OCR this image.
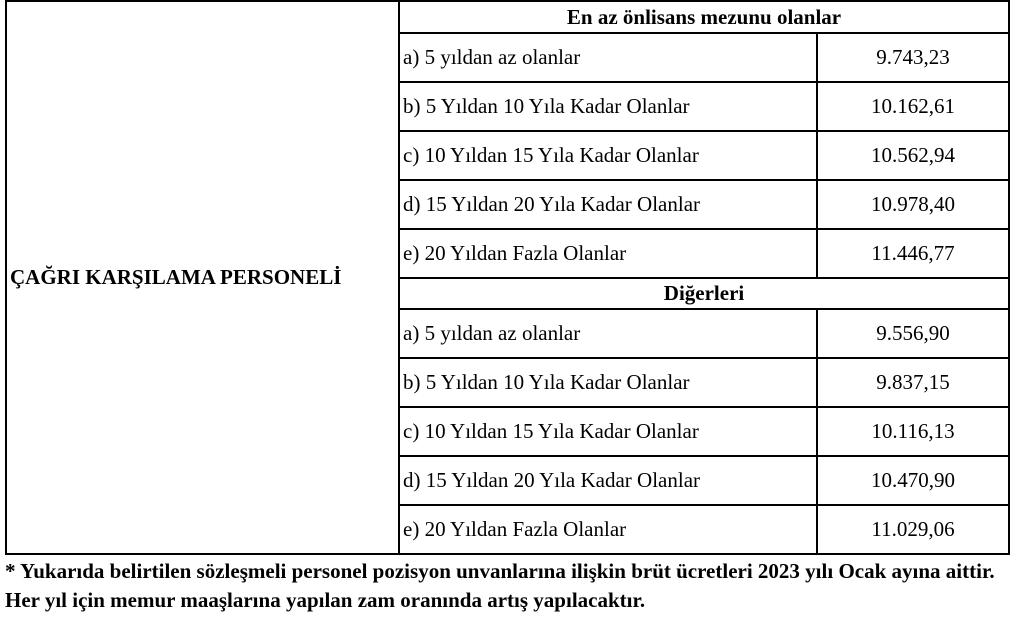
ÇAĞRI KARŞILAMA PERSONELİ	En az önlisans mezunu olanlar	
	a) 5 yıldan az olanlar	9.743,23
	b) 5 Yıldan 10 Yıla Kadar Olanlar	10.162,61
	c) 10 Yıldan 15 Yıla Kadar Olanlar	10.562,94
	d) 15 Yıldan 20 Yıla Kadar Olanlar	10.978,40
	e) 20 Yıldan Fazla Olanlar	11.446,77
	Diğerleri	
	a) 5 yıldan az olanlar	9.556,90
	b) 5 Yıldan 10 Yıla Kadar Olanlar	9.837,15
	c) 10 Yıldan 15 Yıla Kadar Olanlar	10.116,13
	d) 15 Yıldan 20 Yıla Kadar Olanlar	10.470,90
	e) 20 Yıldan Fazla Olanlar	11.029,06

* Yukarıda belirtilen sözleşmeli personel pozisyon unvanlarına ilişkin brüt ücretleri 2023 yılı Ocak ayına aittir. Her yıl için memur maaşlarına yapılan zam oranında artış yapılacaktır.
